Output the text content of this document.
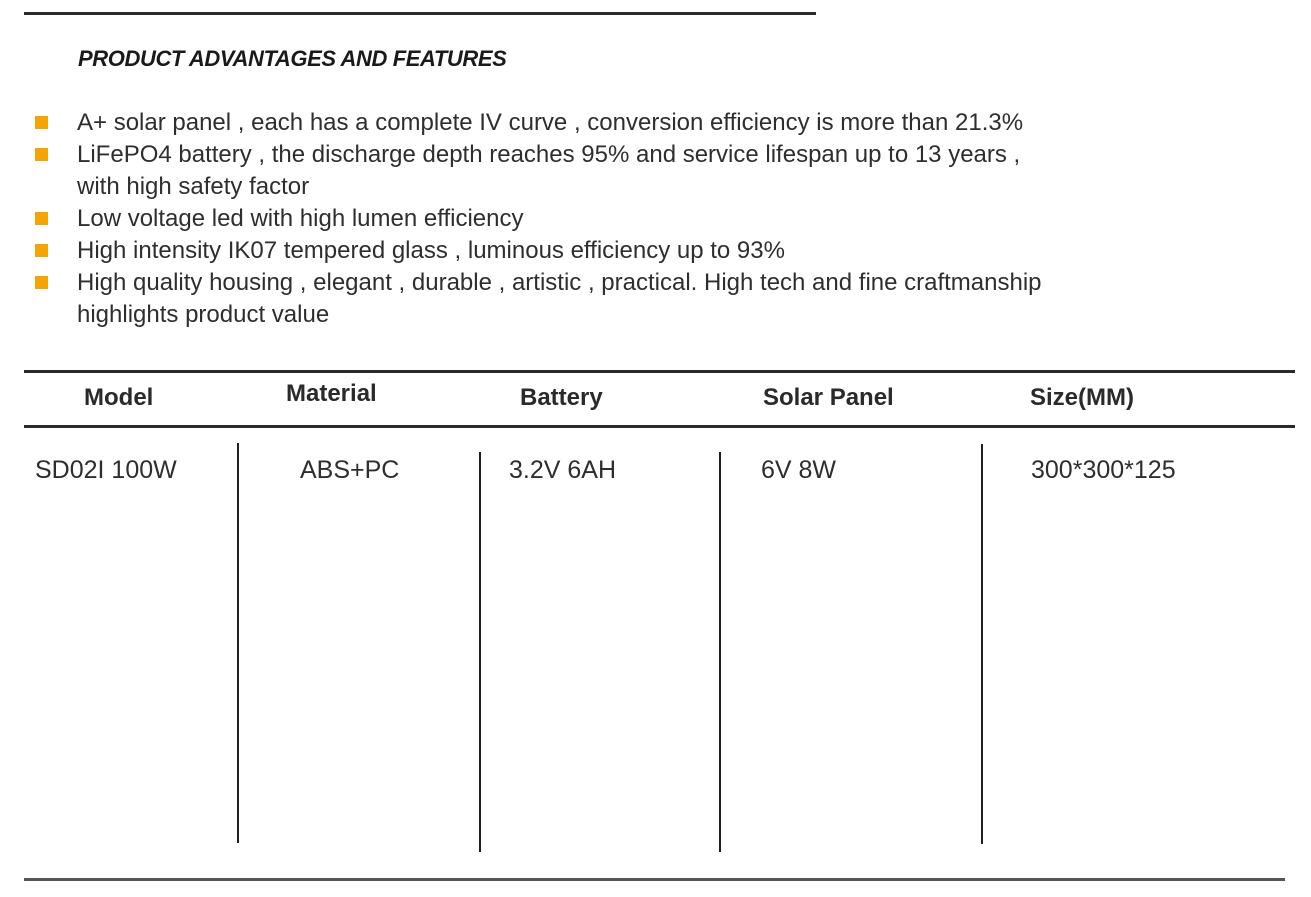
PRODUCT ADVANTAGES AND FEATURES
A+ solar panel , each has a complete IV curve , conversion efficiency is more than 21.3%
LiFePO4 battery , the discharge depth reaches 95% and service lifespan up to 13 years ,
with high safety factor
Low voltage led with high lumen efficiency
High intensity IK07 tempered glass , luminous efficiency up to 93%
High quality housing , elegant , durable , artistic , practical. High tech and fine craftmanship
highlights product value
Model	Material	Battery	Solar Panel	Size(MM)
SD02I 100W	ABS+PC	3.2V 6AH	6V 8W	300*300*125
